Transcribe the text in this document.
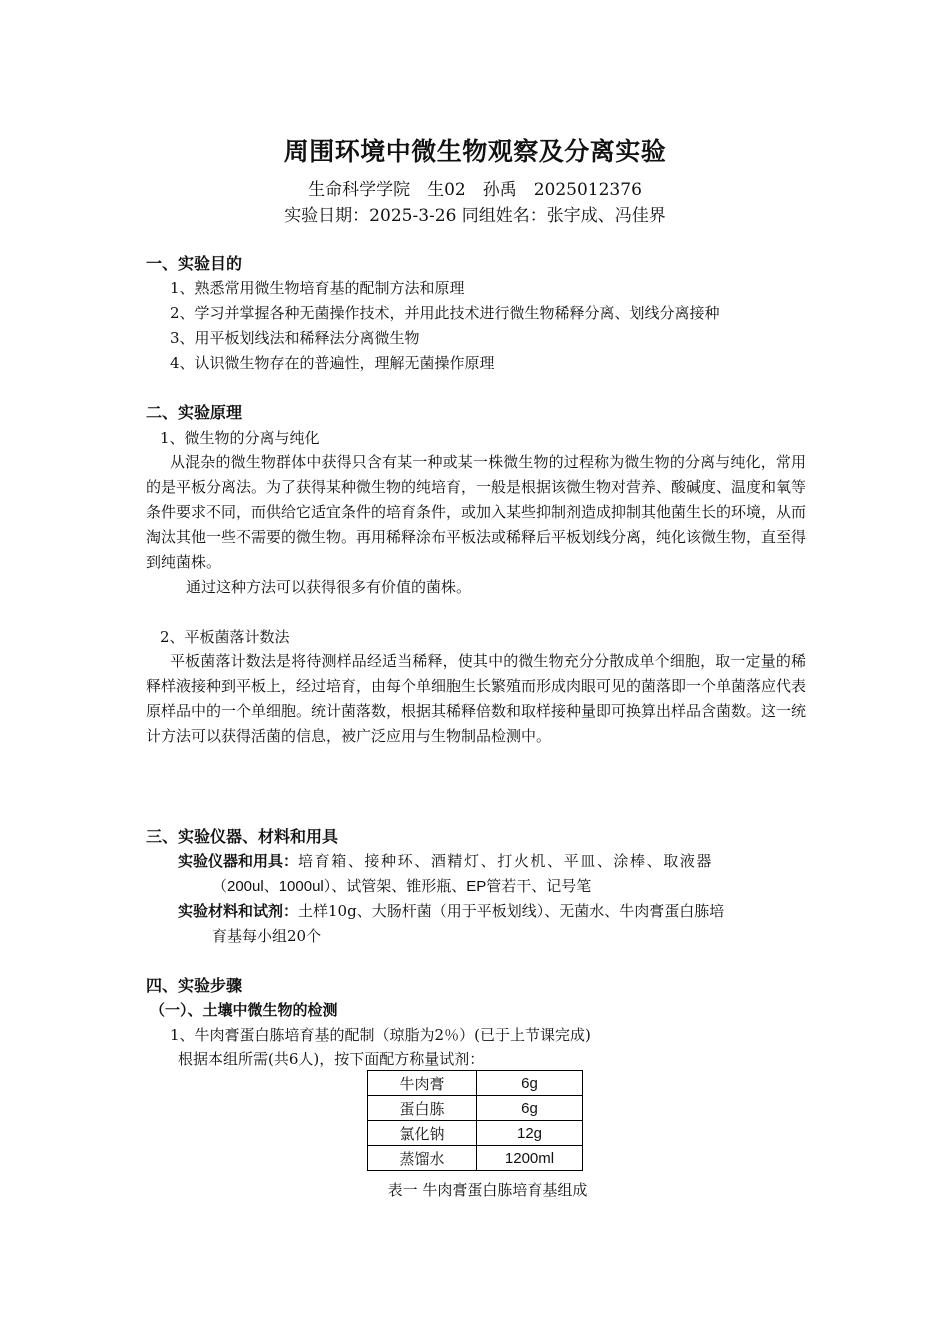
周围环境中微生物观察及分离实验
生命科学学院　生02　孙禹　2025012376
实验日期：2025-3-26 同组姓名：张宇成、冯佳界
一、实验目的
1、熟悉常用微生物培育基的配制方法和原理
2、学习并掌握各种无菌操作技术，并用此技术进行微生物稀释分离、划线分离接种
3、用平板划线法和稀释法分离微生物
4、认识微生物存在的普遍性，理解无菌操作原理
二、实验原理
1、微生物的分离与纯化
从混杂的微生物群体中获得只含有某一种或某一株微生物的过程称为微生物的分离与纯化，常用的是平板分离法。为了获得某种微生物的纯培育，一般是根据该微生物对营养、酸碱度、温度和氧等条件要求不同，而供给它适宜条件的培育条件，或加入某些抑制剂造成抑制其他菌生长的环境，从而淘汰其他一些不需要的微生物。再用稀释涂布平板法或稀释后平板划线分离，纯化该微生物，直至得到纯菌株。
通过这种方法可以获得很多有价值的菌株。
2、平板菌落计数法
平板菌落计数法是将待测样品经适当稀释，使其中的微生物充分分散成单个细胞，取一定量的稀释样液接种到平板上，经过培育，由每个单细胞生长繁殖而形成肉眼可见的菌落即一个单菌落应代表原样品中的一个单细胞。统计菌落数，根据其稀释倍数和取样接种量即可换算出样品含菌数。这一统计方法可以获得活菌的信息，被广泛应用与生物制品检测中。
三、实验仪器、材料和用具
实验仪器和用具：培育箱、接种环、酒精灯、打火机、平皿、涂棒、取液器
（200ul、1000ul）、试管架、锥形瓶、EP管若干、记号笔
实验材料和试剂：土样10g、大肠杆菌（用于平板划线）、无菌水、牛肉膏蛋白胨培
育基每小组20个
四、实验步骤
（一）、土壤中微生物的检测
1、牛肉膏蛋白胨培育基的配制（琼脂为2％）(已于上节课完成)
根据本组所需(共6人)，按下面配方称量试剂：
牛肉膏	6g
蛋白胨	6g
氯化钠	12g
蒸馏水	1200ml
表一 牛肉膏蛋白胨培育基组成
